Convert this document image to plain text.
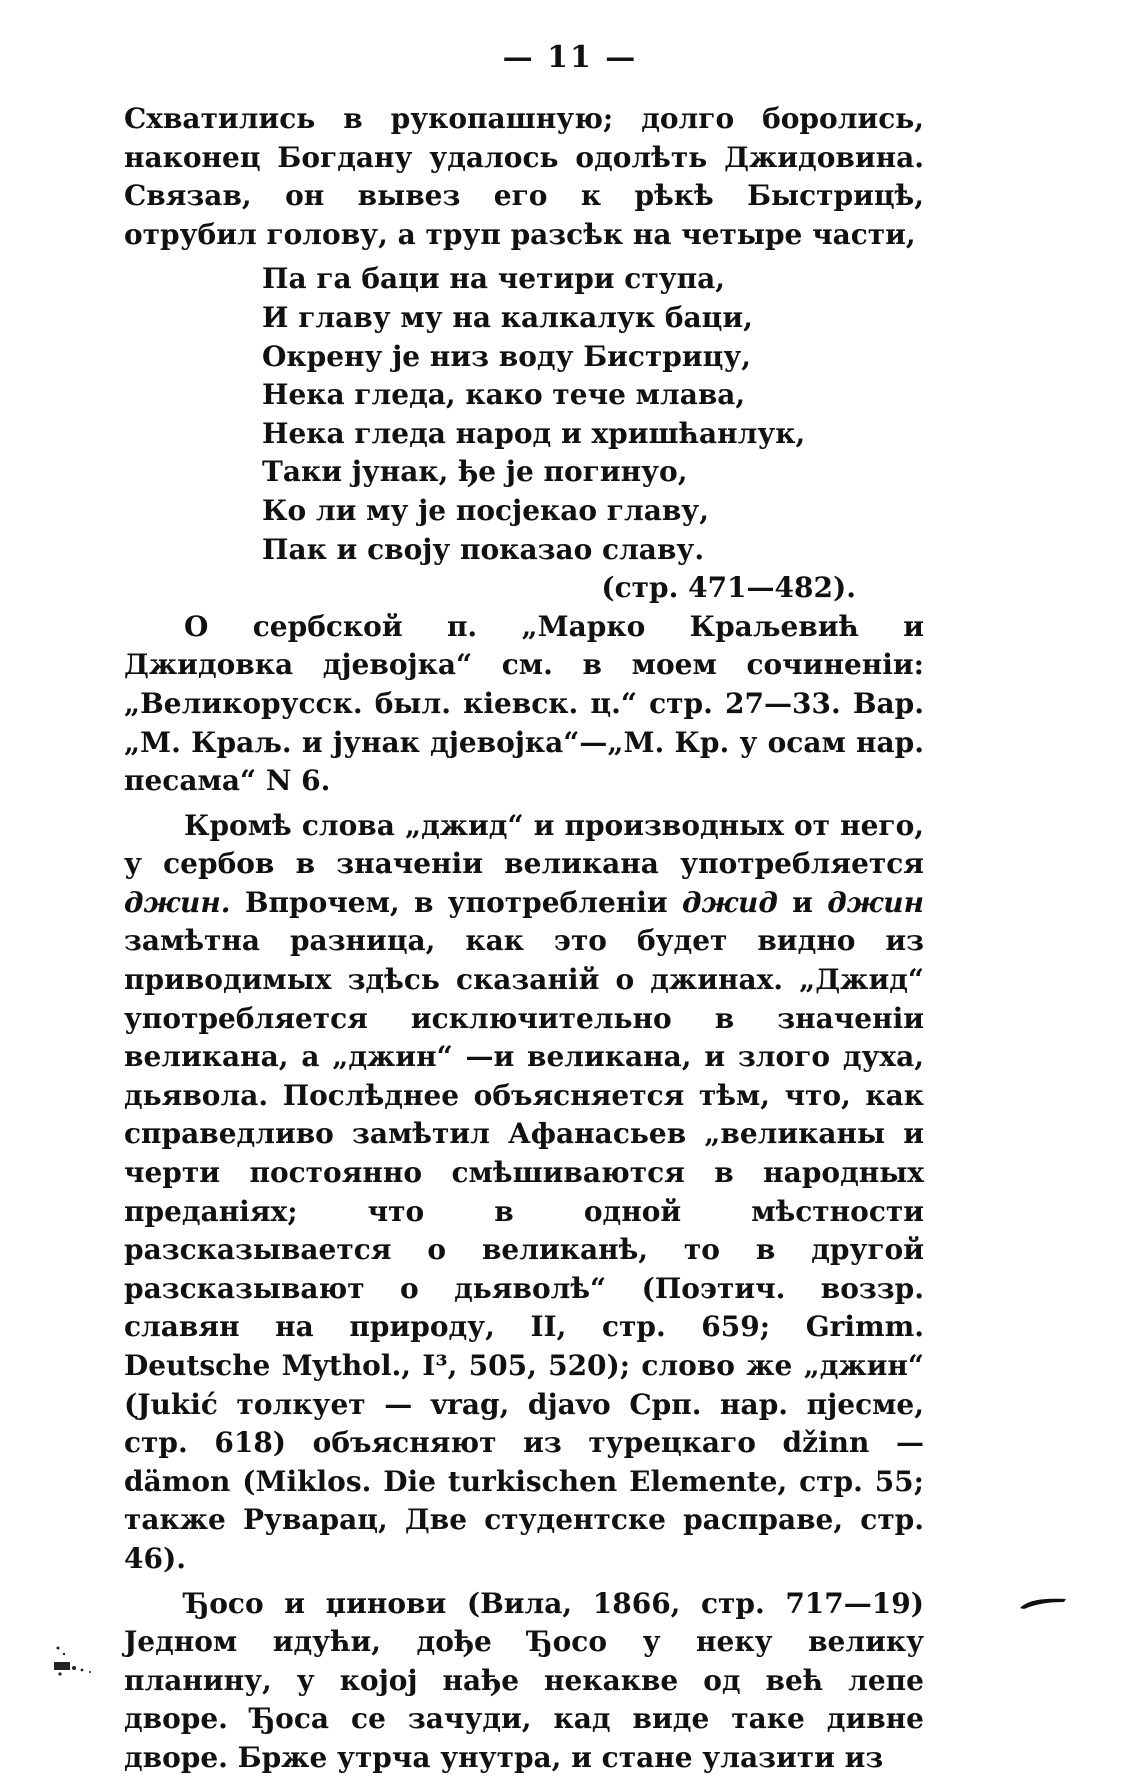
— 11 —

Схватились в рукопашную; долго боролись, наконец Богдану удалось одолѣть Джидовина. Связав, он вывез его к рѣкѣ Быстрицѣ, отрубил голову, а труп разсѣк на четыре части,

Па га баци на четири ступа,
И главу му на калкалук баци,
Окрену је низ воду Бистрицу,
Нека гледа, како тече млава,
Нека гледа народ и хришћанлук,
Таки јунак, ђе је погинуо,
Ко ли му је посјекао главу,
Пак и своју показао славу.
(стр. 471—482).

О сербской п. „Марко Краљевић и Джидовка дјевојка“ см. в моем сочиненіи: „Великорусск. был. кіевск. ц.“ стр. 27—33. Вар. „М. Краљ. и јунак дјевојка“—„М. Кр. у осам нар. песама“ N 6.

Кромѣ слова „джид“ и производных от него, у сербов в значеніи великана употребляется джин. Впрочем, в употребленіи джид и джин замѣтна разница, как это будет видно из приводимых здѣсь сказаній о джинах. „Джид“ употребляется исключительно в значеніи великана, а „джин“ —и великана, и злого духа, дьявола. Послѣднее объясняется тѣм, что, как справедливо замѣтил Афанасьев „великаны и черти постоянно смѣшиваются в народных преданіях; что в одной мѣстности разсказывается о великанѣ, то в другой разсказывают о дьяволѣ“ (Поэтич. воззр. славян на природу, II, стр. 659; Grimm. Deutsche Mythol., I³, 505, 520); слово же „джин“ (Jukić толкует — vrag, djavo Срп. нар. пјесме, стр. 618) объясняют из турецкаго džinn — dämon (Miklos. Die turkischen Elemente, стр. 55; также Руварац, Две студентске расправе, стр. 46).

Ђосо и џинови (Вила, 1866, стр. 717—19) Једном идући, дође Ђосо у неку велику планину, у којој нађе некакве од већ лепе дворе. Ђоса се зачуди, кад виде таке дивне дворе. Брже утрча унутра, и стане улазити из
